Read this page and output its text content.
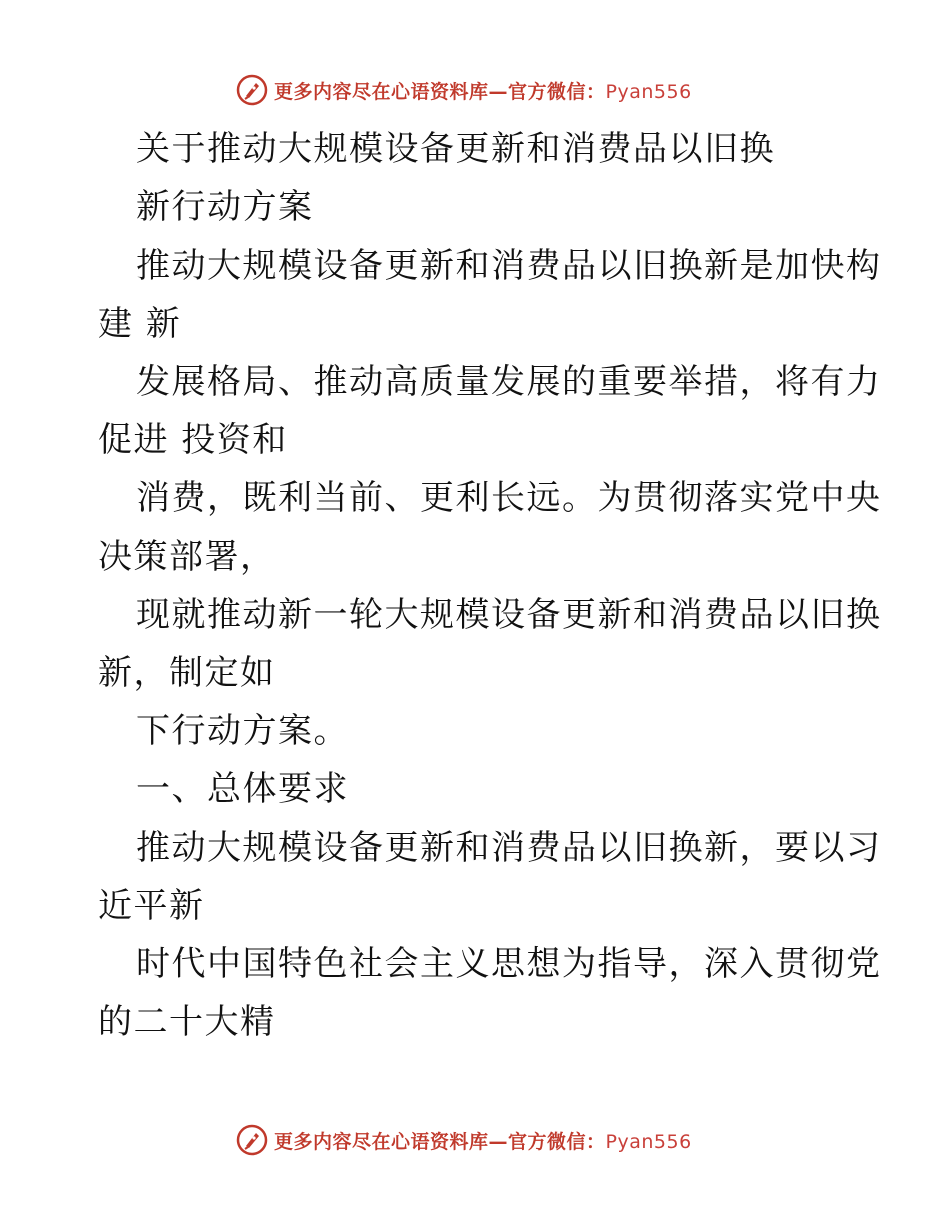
更多内容尽在心语资料库—官方微信：Pyan556
关于推动大规模设备更新和消费品以旧换
新行动方案
推动大规模设备更新和消费品以旧换新是加快构
建 新
发展格局、推动高质量发展的重要举措，将有力
促进 投资和
消费，既利当前、更利长远。为贯彻落实党中央
决策部署，
现就推动新一轮大规模设备更新和消费品以旧换
新，制定如
下行动方案。
一、总体要求
推动大规模设备更新和消费品以旧换新，要以习
近平新
时代中国特色社会主义思想为指导，深入贯彻党
的二十大精
更多内容尽在心语资料库—官方微信：Pyan556
